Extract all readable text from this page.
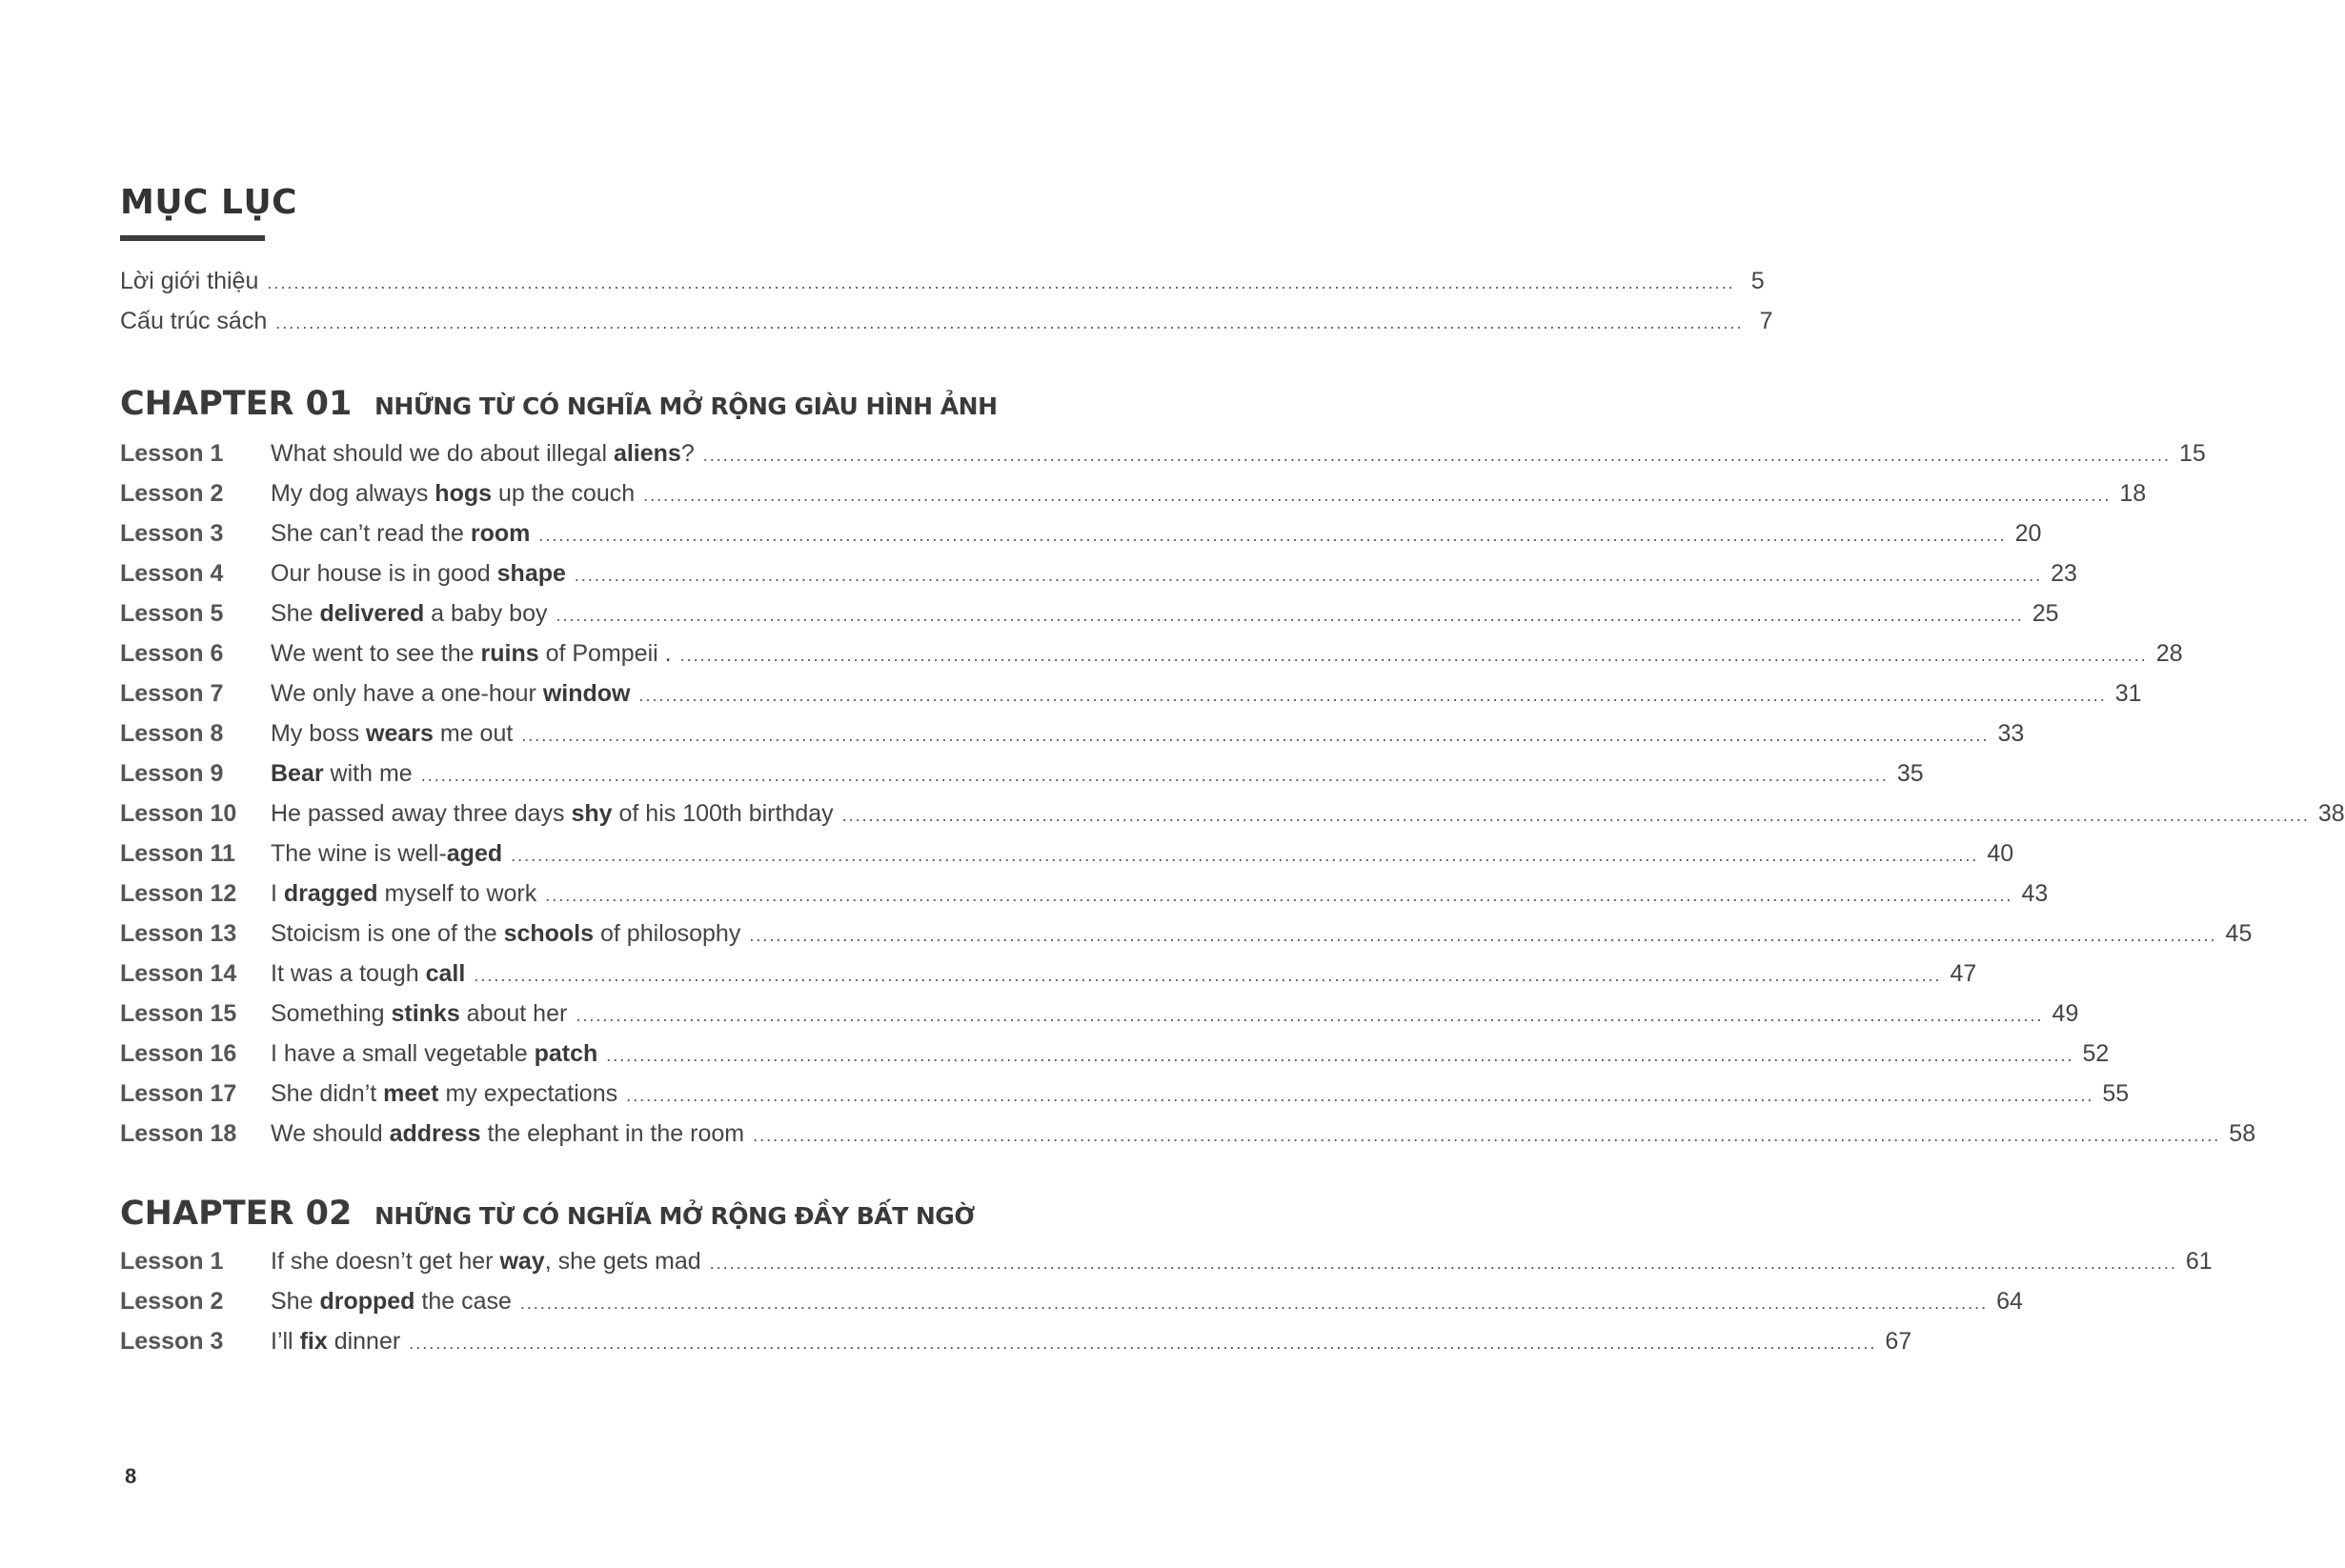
MỤC LỤC
Lời giới thiệu ............................................................................................................................................................................................................................ 5
Cấu trúc sách ............................................................................................................................................................................................................................ 7
CHAPTER 01 NHỮNG TỪ CÓ NGHĨA MỞ RỘNG GIÀU HÌNH ẢNH
Lesson 1	What should we do about illegal aliens? ............................................................................................................................................................................................................................ 15
Lesson 2	My dog always hogs up the couch ............................................................................................................................................................................................................................ 18
Lesson 3	She can’t read the room ............................................................................................................................................................................................................................ 20
Lesson 4	Our house is in good shape ............................................................................................................................................................................................................................ 23
Lesson 5	She delivered a baby boy ............................................................................................................................................................................................................................ 25
Lesson 6	We went to see the ruins of Pompeii . ............................................................................................................................................................................................................................ 28
Lesson 7	We only have a one-hour window ............................................................................................................................................................................................................................ 31
Lesson 8	My boss wears me out ............................................................................................................................................................................................................................ 33
Lesson 9	Bear with me ............................................................................................................................................................................................................................ 35
Lesson 10	He passed away three days shy of his 100th birthday ............................................................................................................................................................................................................................ 38
Lesson 11	The wine is well-aged ............................................................................................................................................................................................................................ 40
Lesson 12	I dragged myself to work ............................................................................................................................................................................................................................ 43
Lesson 13	Stoicism is one of the schools of philosophy ............................................................................................................................................................................................................................ 45
Lesson 14	It was a tough call ............................................................................................................................................................................................................................ 47
Lesson 15	Something stinks about her ............................................................................................................................................................................................................................ 49
Lesson 16	I have a small vegetable patch ............................................................................................................................................................................................................................ 52
Lesson 17	She didn’t meet my expectations ............................................................................................................................................................................................................................ 55
Lesson 18	We should address the elephant in the room ............................................................................................................................................................................................................................ 58
CHAPTER 02 NHỮNG TỪ CÓ NGHĨA MỞ RỘNG ĐẦY BẤT NGỜ
Lesson 1	If she doesn’t get her way, she gets mad ............................................................................................................................................................................................................................ 61
Lesson 2	She dropped the case ............................................................................................................................................................................................................................ 64
Lesson 3	I’ll fix dinner ............................................................................................................................................................................................................................ 67
8
